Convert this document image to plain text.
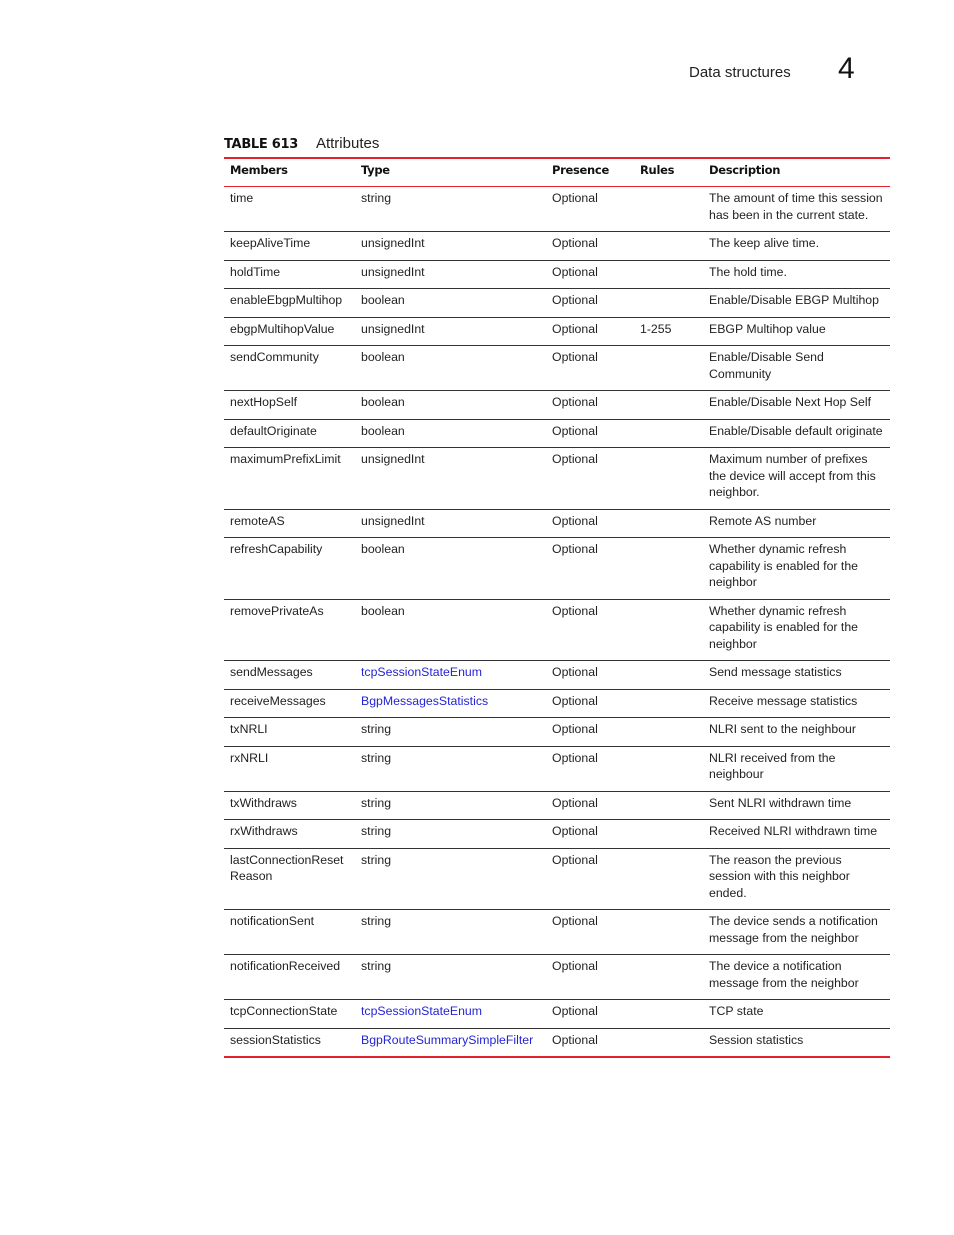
Data structures 4
TABLE 613 Attributes
Members	Type	Presence	Rules	Description
time	string	Optional		The amount of time this session has been in the current state.
keepAliveTime	unsignedInt	Optional		The keep alive time.
holdTime	unsignedInt	Optional		The hold time.
enableEbgpMultihop	boolean	Optional		Enable/Disable EBGP Multihop
ebgpMultihopValue	unsignedInt	Optional	1-255	EBGP Multihop value
sendCommunity	boolean	Optional		Enable/Disable Send Community
nextHopSelf	boolean	Optional		Enable/Disable Next Hop Self
defaultOriginate	boolean	Optional		Enable/Disable default originate
maximumPrefixLimit	unsignedInt	Optional		Maximum number of prefixes the device will accept from this neighbor.
remoteAS	unsignedInt	Optional		Remote AS number
refreshCapability	boolean	Optional		Whether dynamic refresh capability is enabled for the neighbor
removePrivateAs	boolean	Optional		Whether dynamic refresh capability is enabled for the neighbor
sendMessages	tcpSessionStateEnum	Optional		Send message statistics
receiveMessages	BgpMessagesStatistics	Optional		Receive message statistics
txNRLI	string	Optional		NLRI sent to the neighbour
rxNRLI	string	Optional		NLRI received from the neighbour
txWithdraws	string	Optional		Sent NLRI withdrawn time
rxWithdraws	string	Optional		Received NLRI withdrawn time
lastConnectionReset Reason	string	Optional		The reason the previous session with this neighbor ended.
notificationSent	string	Optional		The device sends a notification message from the neighbor
notificationReceived	string	Optional		The device a notification message from the neighbor
tcpConnectionState	tcpSessionStateEnum	Optional		TCP state
sessionStatistics	BgpRouteSummarySimpleFilter	Optional		Session statistics
